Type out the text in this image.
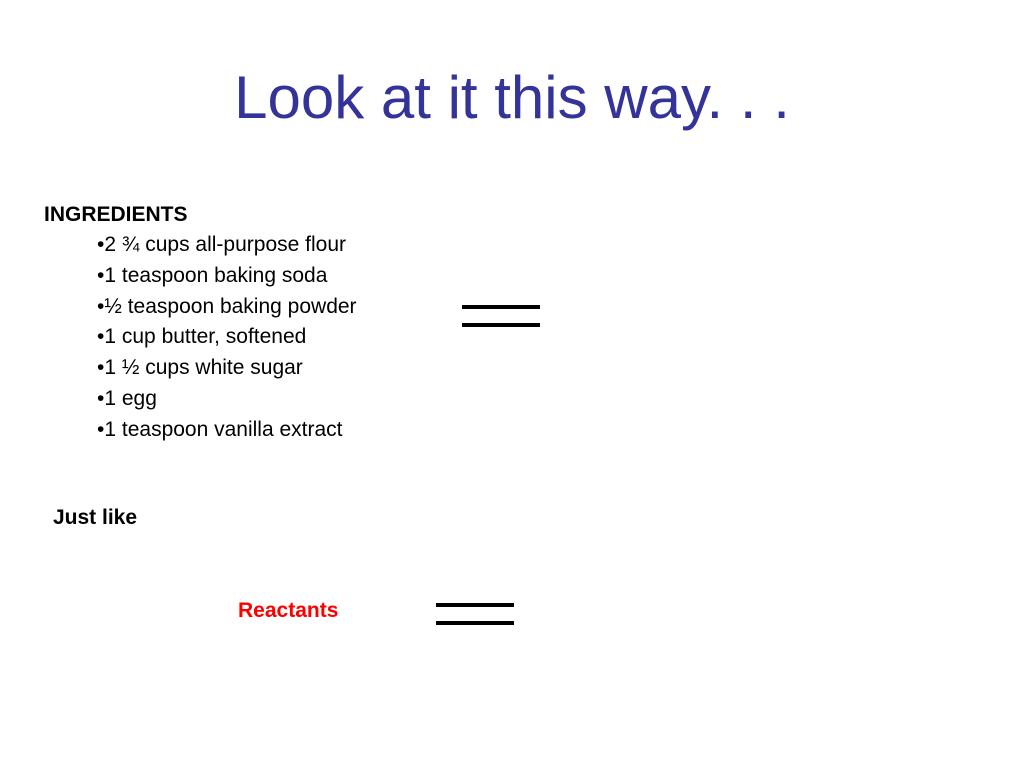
Look at it this way. . .
INGREDIENTS
• 2 ¾ cups all-purpose flour
• 1 teaspoon baking soda
• ½ teaspoon baking powder
• 1 cup butter, softened
• 1 ½ cups white sugar
• 1 egg
• 1 teaspoon vanilla extract
Just like
Reactants
